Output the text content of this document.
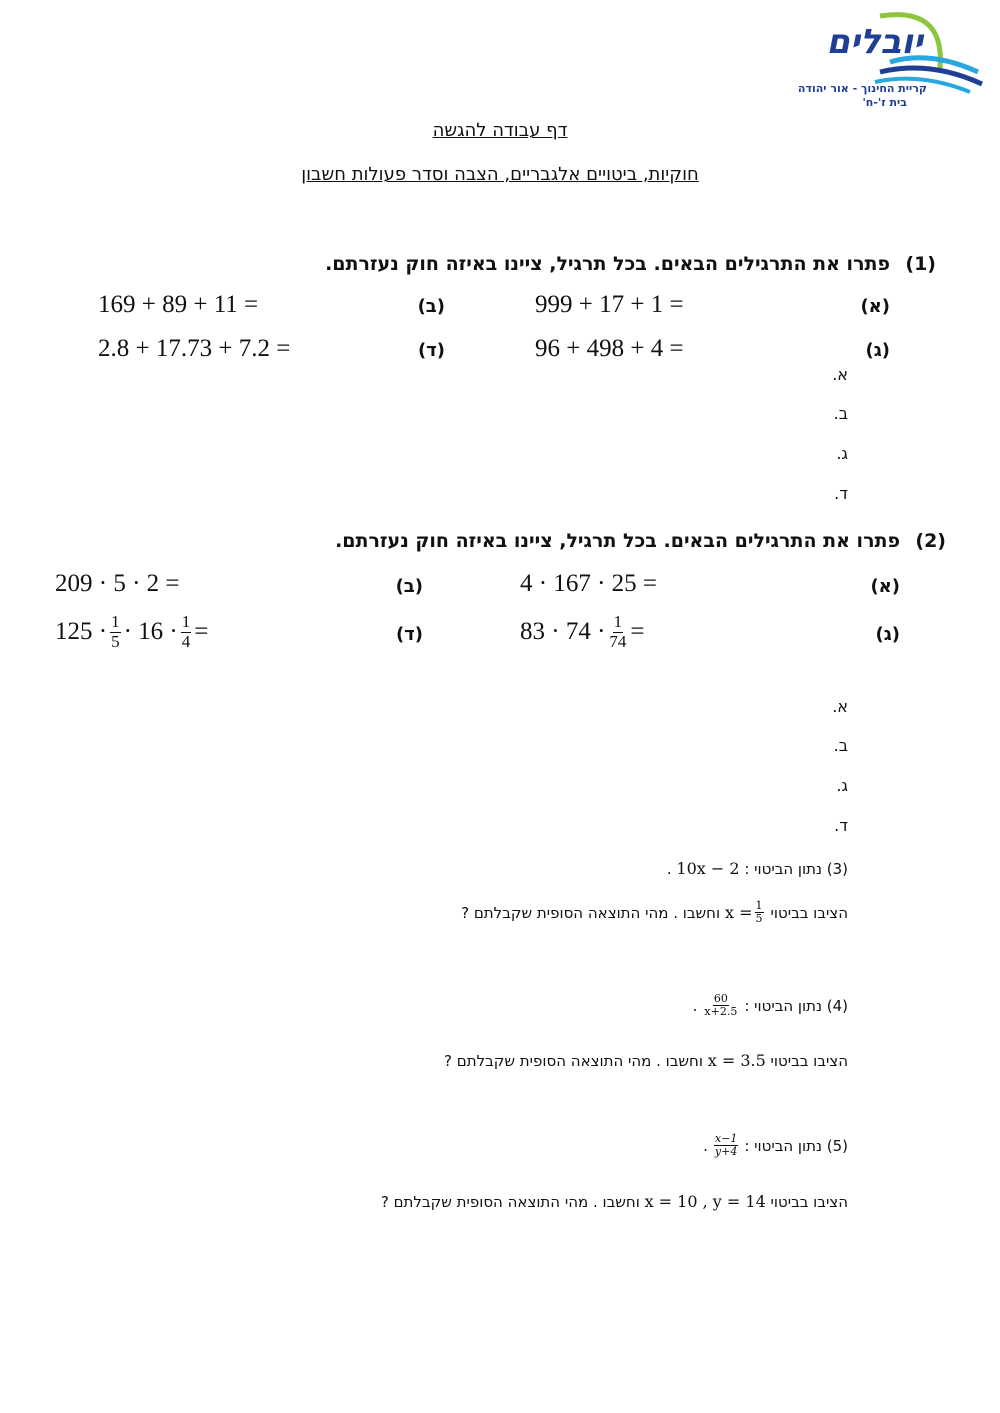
יובלים
קריית החינוך - אור יהודה
בית ז'-ח'
דף עבודה להגשה
חוקיות, ביטויים אלגבריים, הצבה וסדר פעולות חשבון
(1)
פתרו את התרגילים הבאים. בכל תרגיל, ציינו באיזה חוק נעזרתם.
(א)
999 + 17 + 1 =
(ב)
169 + 89 + 11 =
(ג)
96 + 498 + 4 =
(ד)
2.8 + 17.73 + 7.2 =
א.
ב.
ג.
ד.
(2)
פתרו את התרגילים הבאים. בכל תרגיל, ציינו באיזה חוק נעזרתם.
(א)
4 · 167 · 25 =
(ב)
209 · 5 · 2 =
(ג)
$83 \cdot 74 \cdot \frac{1}{74}$ =
(ד)
$125 \cdot \frac{1}{5} \cdot 16 \cdot \frac{1}{4}$ =
א.
ב.
ג.
ד.
(3) נתון הביטוי : 10x − 2 .
הציבו בביטוי
$x = \frac{1}{5}$
וחשבו . מהי התוצאה הסופית שקבלתם ?
(4) נתון הביטוי :
$\frac{60}{x+2.5}$
.
הציבו בביטוי x = 3.5 וחשבו . מהי התוצאה הסופית שקבלתם ?
(5) נתון הביטוי :
$\frac{x-1}{y+4}$
.
הציבו בביטוי x = 10 , y = 14 וחשבו . מהי התוצאה הסופית שקבלתם ?
